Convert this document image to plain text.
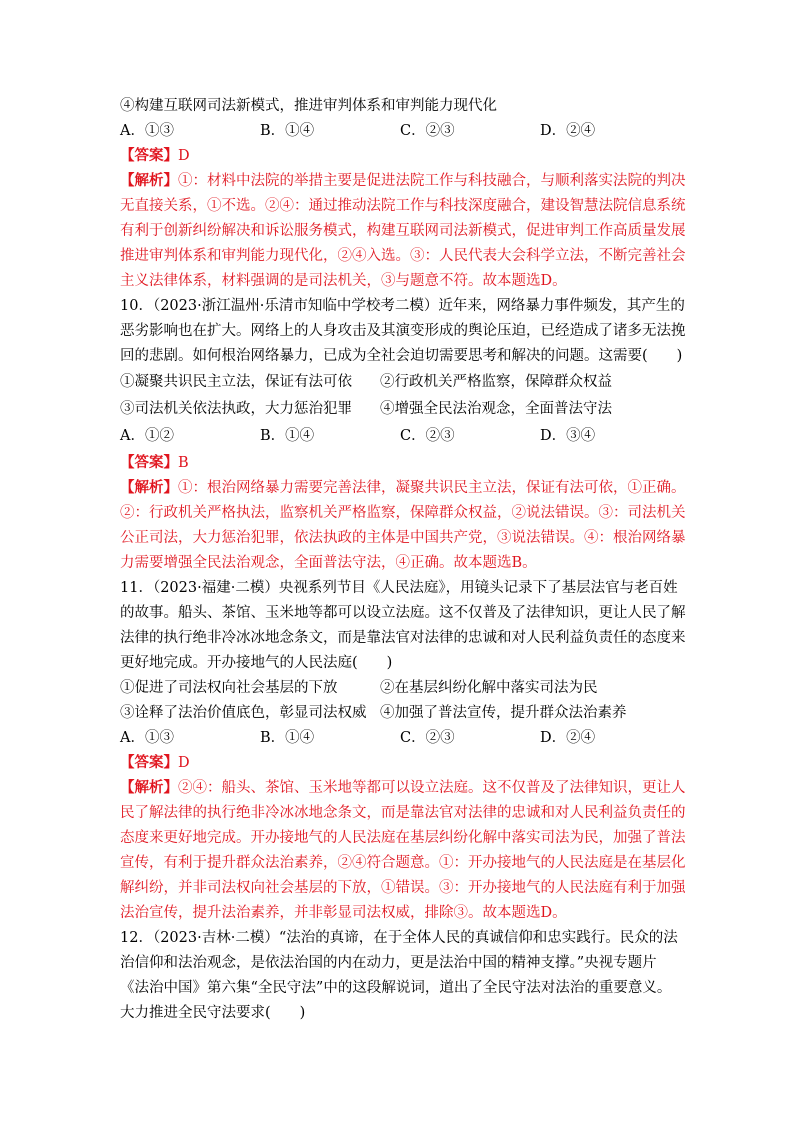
④构建互联网司法新模式，推进审判体系和审判能力现代化
A．①③	B．①④	C．②③	D．②④
【答案】D
【解析】①：材料中法院的举措主要是促进法院工作与科技融合，与顺利落实法院的判决
无直接关系，①不选。②④：通过推动法院工作与科技深度融合，建设智慧法院信息系统
有利于创新纠纷解决和诉讼服务模式，构建互联网司法新模式，促进审判工作高质量发展
推进审判体系和审判能力现代化，②④入选。③：人民代表大会科学立法，不断完善社会
主义法律体系，材料强调的是司法机关，③与题意不符。故本题选D。
10．（2023·浙江温州·乐清市知临中学校考二模）近年来，网络暴力事件频发，其产生的
恶劣影响也在扩大。网络上的人身攻击及其演变形成的舆论压迫，已经造成了诸多无法挽
回的悲剧。如何根治网络暴力，已成为全社会迫切需要思考和解决的问题。这需要(　　)
①凝聚共识民主立法，保证有法可依 ②行政机关严格监察，保障群众权益
③司法机关依法执政，大力惩治犯罪 ④增强全民法治观念，全面普法守法
A．①②	B．①④	C．②③	D．③④
【答案】B
【解析】①：根治网络暴力需要完善法律，凝聚共识民主立法，保证有法可依，①正确。
②：行政机关严格执法，监察机关严格监察，保障群众权益，②说法错误。③：司法机关
公正司法，大力惩治犯罪，依法执政的主体是中国共产党，③说法错误。④：根治网络暴
力需要增强全民法治观念，全面普法守法，④正确。故本题选B。
11．（2023·福建·二模）央视系列节目《人民法庭》，用镜头记录下了基层法官与老百姓
的故事。船头、茶馆、玉米地等都可以设立法庭。这不仅普及了法律知识，更让人民了解
法律的执行绝非冷冰冰地念条文，而是靠法官对法律的忠诚和对人民利益负责任的态度来
更好地完成。开办接地气的人民法庭(　　)
①促进了司法权向社会基层的下放	②在基层纠纷化解中落实司法为民
③诠释了法治价值底色，彰显司法权威 ④加强了普法宣传，提升群众法治素养
A．①③	B．①④	C．②③	D．②④
【答案】D
【解析】②④：船头、茶馆、玉米地等都可以设立法庭。这不仅普及了法律知识，更让人
民了解法律的执行绝非冷冰冰地念条文，而是靠法官对法律的忠诚和对人民利益负责任的
态度来更好地完成。开办接地气的人民法庭在基层纠纷化解中落实司法为民，加强了普法
宣传，有利于提升群众法治素养，②④符合题意。①：开办接地气的人民法庭是在基层化
解纠纷，并非司法权向社会基层的下放，①错误。③：开办接地气的人民法庭有利于加强
法治宣传，提升法治素养，并非彰显司法权威，排除③。故本题选D。
12．（2023·吉林·二模）“法治的真谛，在于全体人民的真诚信仰和忠实践行。民众的法
治信仰和法治观念，是依法治国的内在动力，更是法治中国的精神支撑。”央视专题片
《法治中国》第六集“全民守法”中的这段解说词，道出了全民守法对法治的重要意义。
大力推进全民守法要求(　　)
